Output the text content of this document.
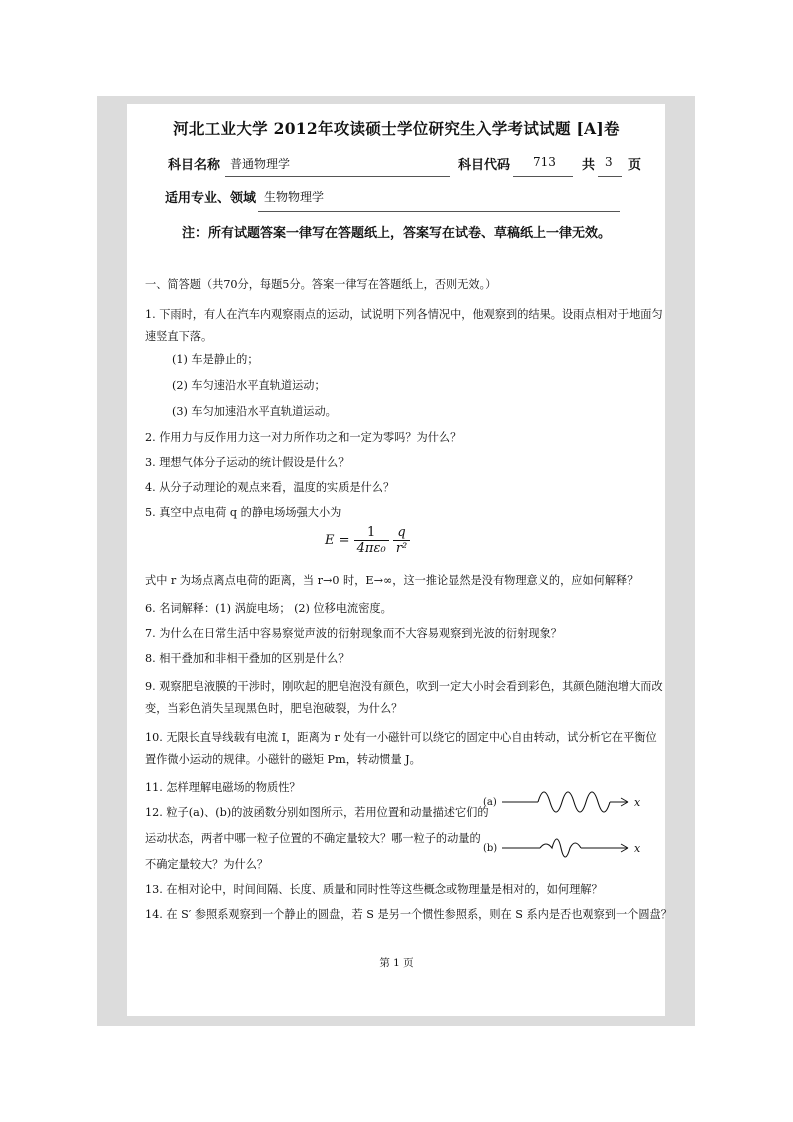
河北工业大学 2012年攻读硕士学位研究生入学考试试题 [A]卷
科目名称 普通物理学	科目代码 713 共 3 页
适用专业、领域 生物物理学
注：所有试题答案一律写在答题纸上，答案写在试卷、草稿纸上一律无效。
一、简答题（共70分，每题5分。答案一律写在答题纸上，否则无效。）
1. 下雨时，有人在汽车内观察雨点的运动，试说明下列各情况中，他观察到的结果。设雨点相对于地面匀速竖直下落。
(1) 车是静止的；
(2) 车匀速沿水平直轨道运动；
(3) 车匀加速沿水平直轨道运动。
2. 作用力与反作用力这一对力所作功之和一定为零吗？为什么？
3. 理想气体分子运动的统计假设是什么？
4. 从分子动理论的观点来看，温度的实质是什么？
5. 真空中点电荷 q 的静电场场强大小为
$E = \frac{1}{\text{4πε₀}}$
$\frac{q}{\text{r²}}$
式中 r 为场点离点电荷的距离，当 r→0 时，E→∞，这一推论显然是没有物理意义的，应如何解释？
6. 名词解释：(1) 涡旋电场； (2) 位移电流密度。
7. 为什么在日常生活中容易察觉声波的衍射现象而不大容易观察到光波的衍射现象？
8. 相干叠加和非相干叠加的区别是什么？
9. 观察肥皂液膜的干涉时，刚吹起的肥皂泡没有颜色，吹到一定大小时会看到彩色，其颜色随泡增大而改变，当彩色消失呈现黑色时，肥皂泡破裂，为什么？
10. 无限长直导线载有电流 I，距离为 r 处有一小磁针可以绕它的固定中心自由转动，试分析它在平衡位置作微小运动的规律。小磁针的磁矩 Pm，转动惯量 J。
11. 怎样理解电磁场的物质性？
12. 粒子(a)、(b)的波函数分别如图所示，若用位置和动量描述它们的
运动状态，两者中哪一粒子位置的不确定量较大？哪一粒子的动量的
不确定量较大？为什么？
(a)	x
(b)	x
13. 在相对论中，时间间隔、长度、质量和同时性等这些概念或物理量是相对的，如何理解？
14. 在 S′ 参照系观察到一个静止的圆盘，若 S 是另一个惯性参照系，则在 S 系内是否也观察到一个圆盘？
第 1 页
